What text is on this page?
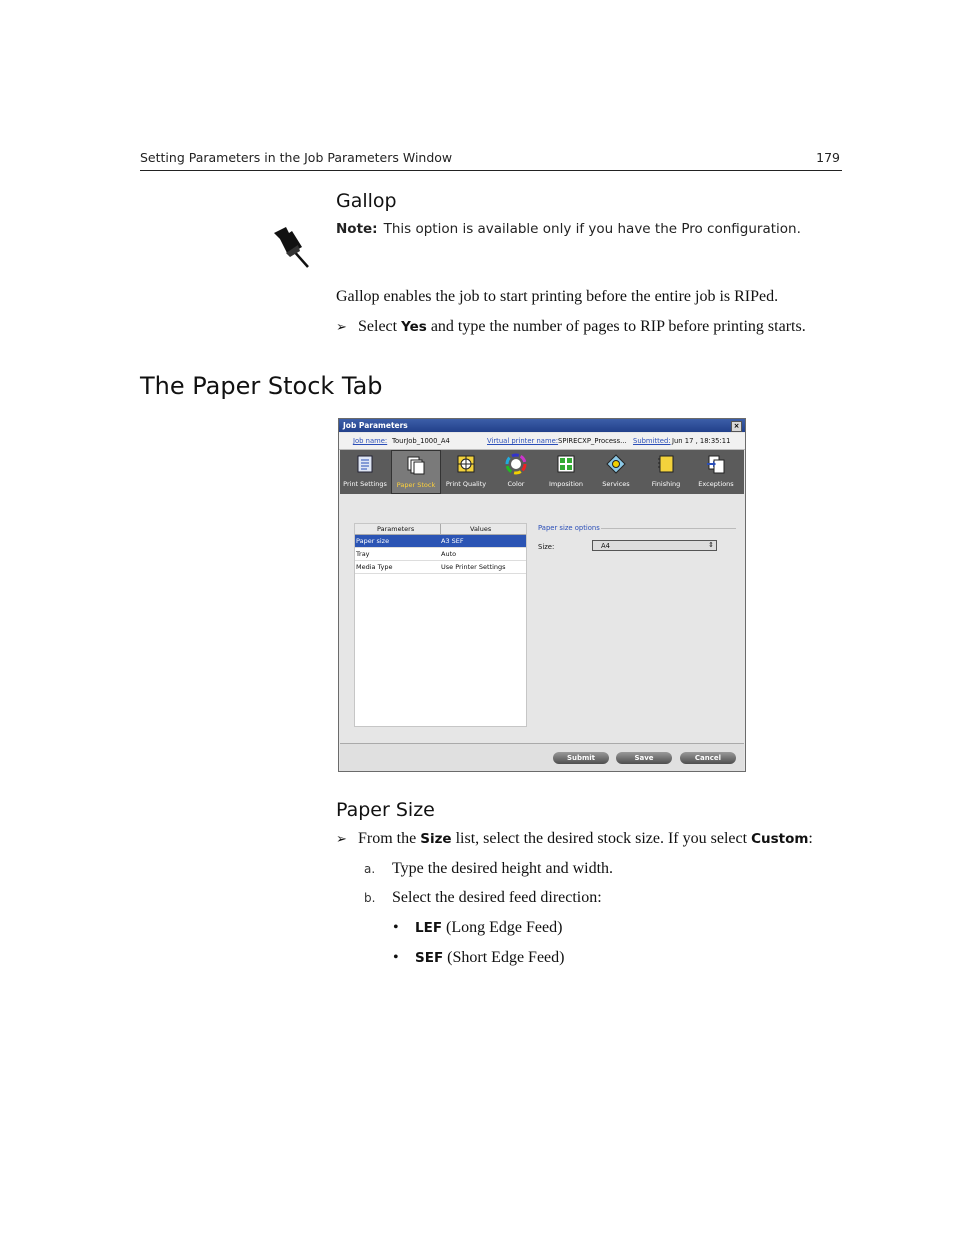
Setting Parameters in the Job Parameters Window	179
Gallop
Note: This option is available only if you have the Pro configuration.
Gallop enables the job to start printing before the entire job is RIPed.
➢ Select Yes and type the number of pages to RIP before printing starts.
The Paper Stock Tab
Job Parameters	×
Job name: TourJob_1000_A4	Virtual printer name: SPIRECXP_Process... Submitted: Jun 17 , 18:35:11
Print Settings	Paper Stock	Print Quality	Color	Imposition	Services	Finishing	Exceptions
Parameters	Values
Paper size	A3 SEF
Tray	Auto
Media Type	Use Printer Settings
Paper size options
Size:	A4	⇕
Submit	Save	Cancel
Paper Size
➢ From the Size list, select the desired stock size. If you select Custom:
a. Type the desired height and width.
b. Select the desired feed direction:
• LEF (Long Edge Feed)
• SEF (Short Edge Feed)
